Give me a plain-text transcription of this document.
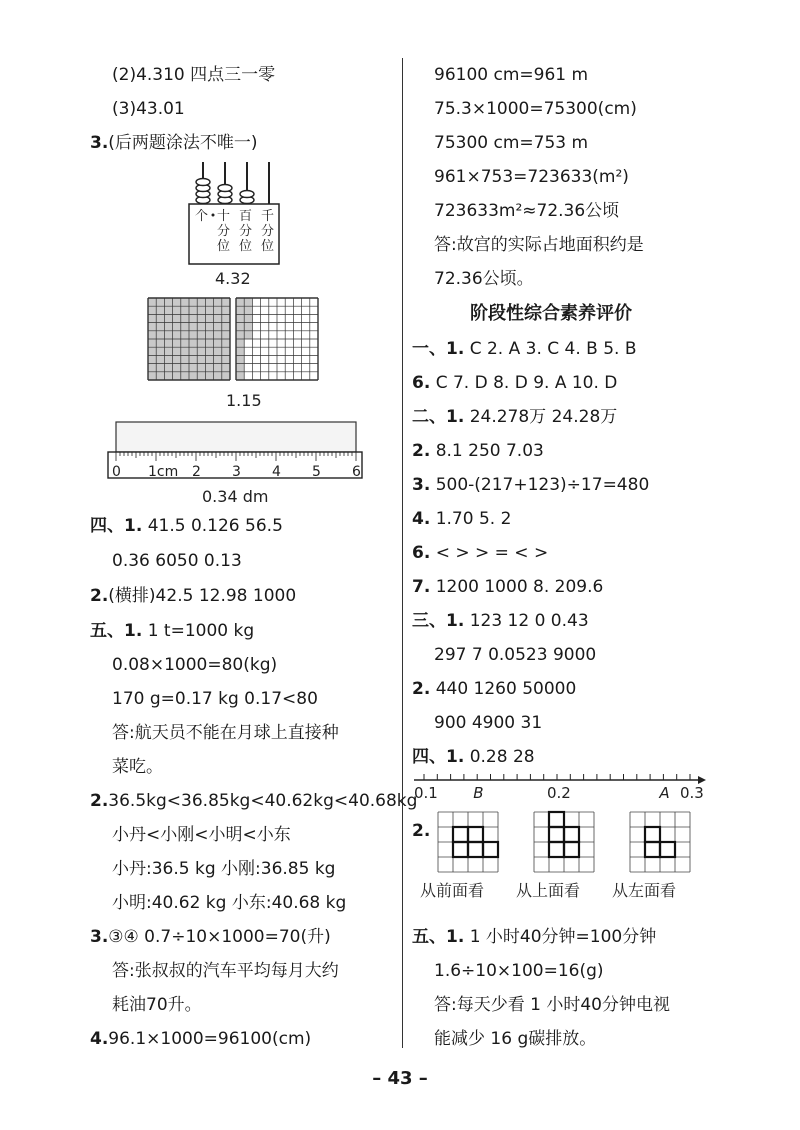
(2)4.310 四点三一零
(3)43.01
3.(后两题涂法不唯一)
四、1. 41.5 0.126 56.5
0.36 6050 0.13
2.(横排)42.5 12.98 1000
五、1. 1 t=1000 kg
0.08×1000=80(kg)
170 g=0.17 kg 0.17<80
答:航天员不能在月球上直接种
菜吃。
2.36.5kg<36.85kg<40.62kg<40.68kg
小丹<小刚<小明<小东
小丹:36.5 kg 小刚:36.85 kg
小明:40.62 kg 小东:40.68 kg
3.③④ 0.7÷10×1000=70(升)
答:张叔叔的汽车平均每月大约
耗油70升。
4.96.1×1000=96100(cm)
96100 cm=961 m
75.3×1000=75300(cm)
75300 cm=753 m
961×753=723633(m²)
723633m²≈72.36公顷
答:故宫的实际占地面积约是
72.36公顷。
阶段性综合素养评价
一、1. C 2. A 3. C 4. B 5. B
6. C 7. D 8. D 9. A 10. D
二、1. 24.278万 24.28万
2. 8.1 250 7.03
3. 500-(217+123)÷17=480
4. 1.70 5. 2
6. < > > = < >
7. 1200 1000 8. 209.6
三、1. 123 12 0 0.43
297 7 0.0523 9000
2. 440 1260 50000
900 4900 31
四、1. 0.28 28
2.
五、1. 1 小时40分钟=100分钟
1.6÷10×100=16(g)
答:每天少看 1 小时40分钟电视
能减少 16 g碳排放。
个 十分位
百分位
千分位
4.32
1.15
0 1cm 2 3 4 5 6
0.34 dm
0.1 B	0.2	A 0.3
从前面看 从上面看 从左面看
– 43 –
